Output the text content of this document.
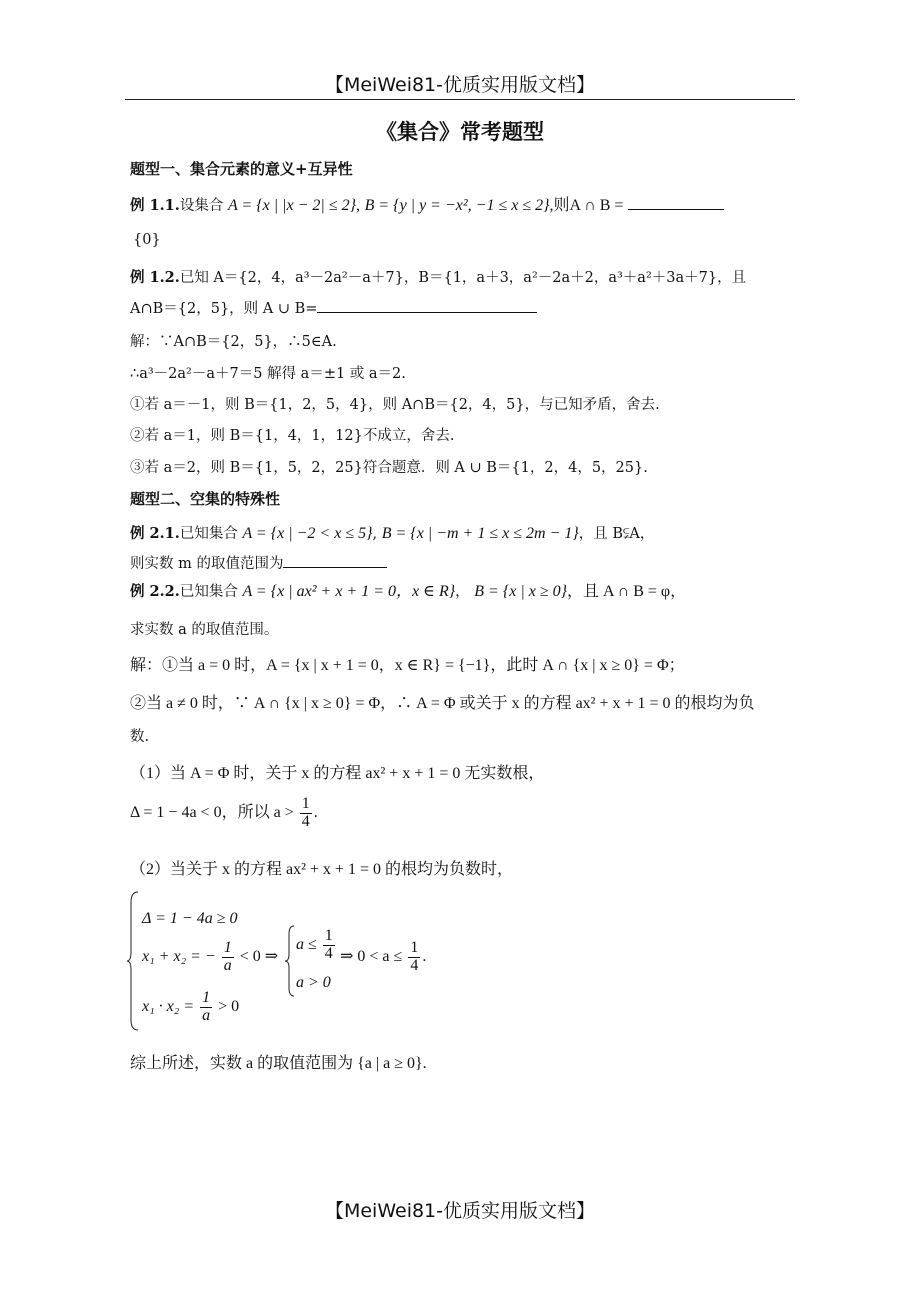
【MeiWei81-优质实用版文档】
《集合》常考题型
题型一、集合元素的意义+互异性
例 1.1.设集合 A = {x | |x − 2| ≤ 2}, B = {y | y = −x², −1 ≤ x ≤ 2},则A ∩ B =
{0}
例 1.2.已知 A＝{2，4，a³－2a²－a＋7}，B＝{1，a＋3，a²－2a＋2，a³＋a²＋3a＋7}，且
A∩B＝{2，5}，则 A ∪ B=
解：∵A∩B＝{2，5}，∴5∈A.
∴a³－2a²－a＋7＝5 解得 a＝±1 或 a＝2.
①若 a＝－1，则 B＝{1，2，5，4}，则 A∩B＝{2，4，5}，与已知矛盾，舍去.
②若 a＝1，则 B＝{1，4，1，12}不成立，舍去.
③若 a＝2，则 B＝{1，5，2，25}符合题意．则 A ∪ B＝{1，2，4，5，25}.
题型二、空集的特殊性
例 2.1.已知集合 A = {x | −2 < x ≤ 5}, B = {x | −m + 1 ≤ x ≤ 2m − 1}，且 B⫋A，
则实数 m 的取值范围为
例 2.2.已知集合 A = {x | ax² + x + 1 = 0，x ∈ R}， B = {x | x ≥ 0}，且 A ∩ B = φ，
求实数 a 的取值范围。
解：①当 a = 0 时，A = {x | x + 1 = 0，x ∈ R} = {−1}，此时 A ∩ {x | x ≥ 0} = Φ；
②当 a ≠ 0 时，∵ A ∩ {x | x ≥ 0} = Φ，∴ A = Φ 或关于 x 的方程 ax² + x + 1 = 0 的根均为负
数.
（1）当 A = Φ 时，关于 x 的方程 ax² + x + 1 = 0 无实数根，
Δ = 1 − 4a < 0，所以 $a > \frac{1}{4}$ .
（2）当关于 x 的方程 ax² + x + 1 = 0 的根均为负数时，
Δ = 1 − 4a ≥ 0
x₁ + x₂ = − $\frac{1}{a} < 0$ ⇒
$x_1 \cdot x_2 = \frac{1}{a} > 0$
$a \le \frac{1}{4}$
a > 0
⇒ $0 < a \le \frac{1}{4}$ .
综上所述，实数 a 的取值范围为 {a | a ≥ 0}.
【MeiWei81-优质实用版文档】
